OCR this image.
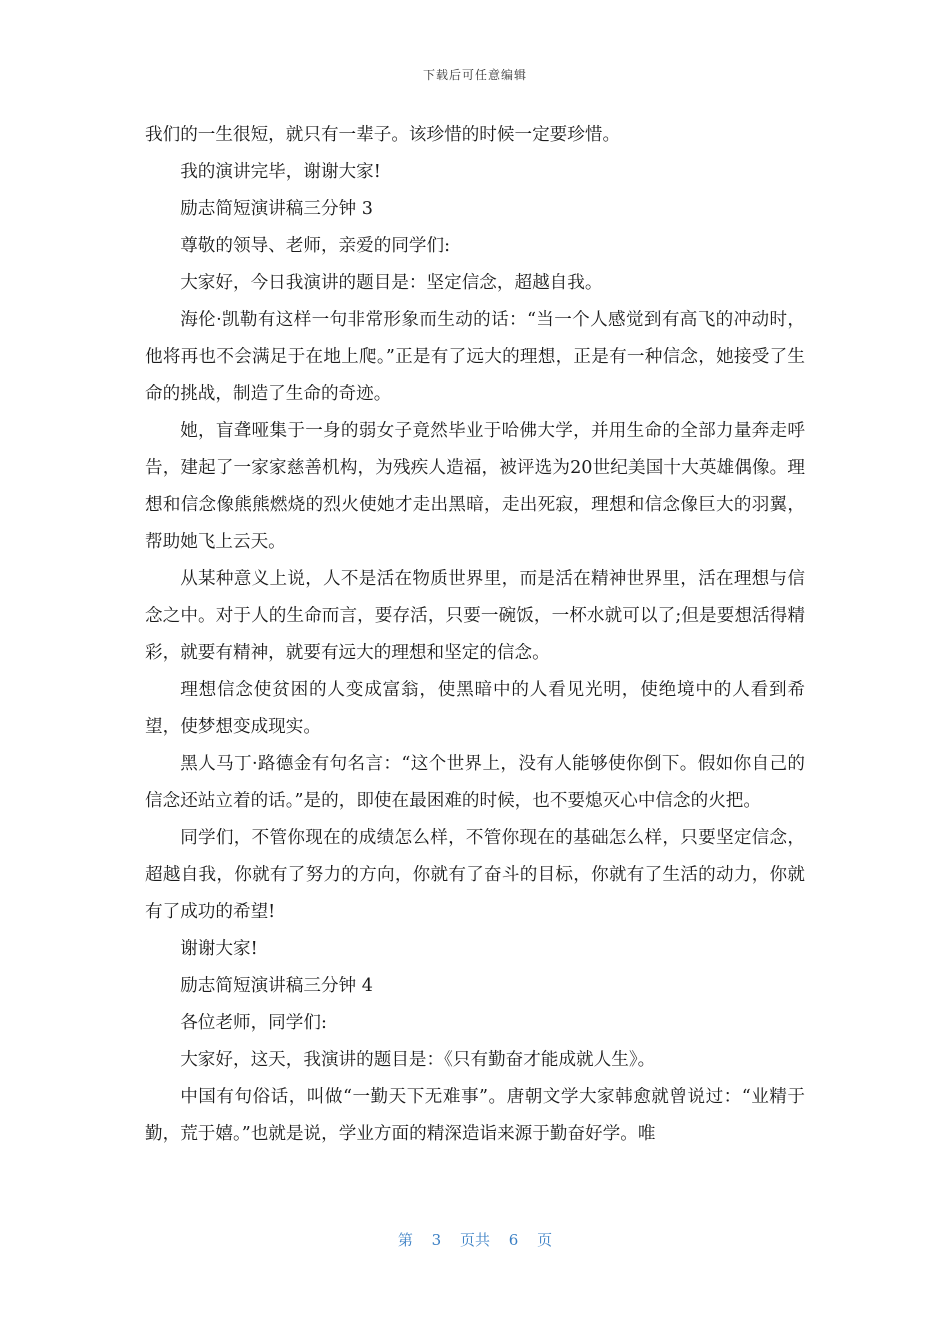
下载后可任意编辑

我们的一生很短，就只有一辈子。该珍惜的时候一定要珍惜。

我的演讲完毕，谢谢大家!

励志简短演讲稿三分钟 3

尊敬的领导、老师，亲爱的同学们:

大家好，今日我演讲的题目是：坚定信念，超越自我。

海伦·凯勒有这样一句非常形象而生动的话：“当一个人感觉到有高飞的冲动时，他将再也不会满足于在地上爬。”正是有了远大的理想，正是有一种信念，她接受了生命的挑战，制造了生命的奇迹。

她，盲聋哑集于一身的弱女子竟然毕业于哈佛大学，并用生命的全部力量奔走呼告，建起了一家家慈善机构，为残疾人造福，被评选为20世纪美国十大英雄偶像。理想和信念像熊熊燃烧的烈火使她才走出黑暗，走出死寂，理想和信念像巨大的羽翼，帮助她飞上云天。

从某种意义上说，人不是活在物质世界里，而是活在精神世界里，活在理想与信念之中。对于人的生命而言，要存活，只要一碗饭，一杯水就可以了;但是要想活得精彩，就要有精神，就要有远大的理想和坚定的信念。

理想信念使贫困的人变成富翁，使黑暗中的人看见光明，使绝境中的人看到希望，使梦想变成现实。

黑人马丁·路德金有句名言：“这个世界上，没有人能够使你倒下。假如你自己的信念还站立着的话。”是的，即使在最困难的时候，也不要熄灭心中信念的火把。

同学们，不管你现在的成绩怎么样，不管你现在的基础怎么样，只要坚定信念，超越自我，你就有了努力的方向，你就有了奋斗的目标，你就有了生活的动力，你就有了成功的希望!

谢谢大家!

励志简短演讲稿三分钟 4

各位老师，同学们:

大家好，这天，我演讲的题目是：《只有勤奋才能成就人生》。

中国有句俗话，叫做“一勤天下无难事”。唐朝文学大家韩愈就曾说过：“业精于勤，荒于嬉。”也就是说，学业方面的精深造诣来源于勤奋好学。唯

第 3 页共 6 页
